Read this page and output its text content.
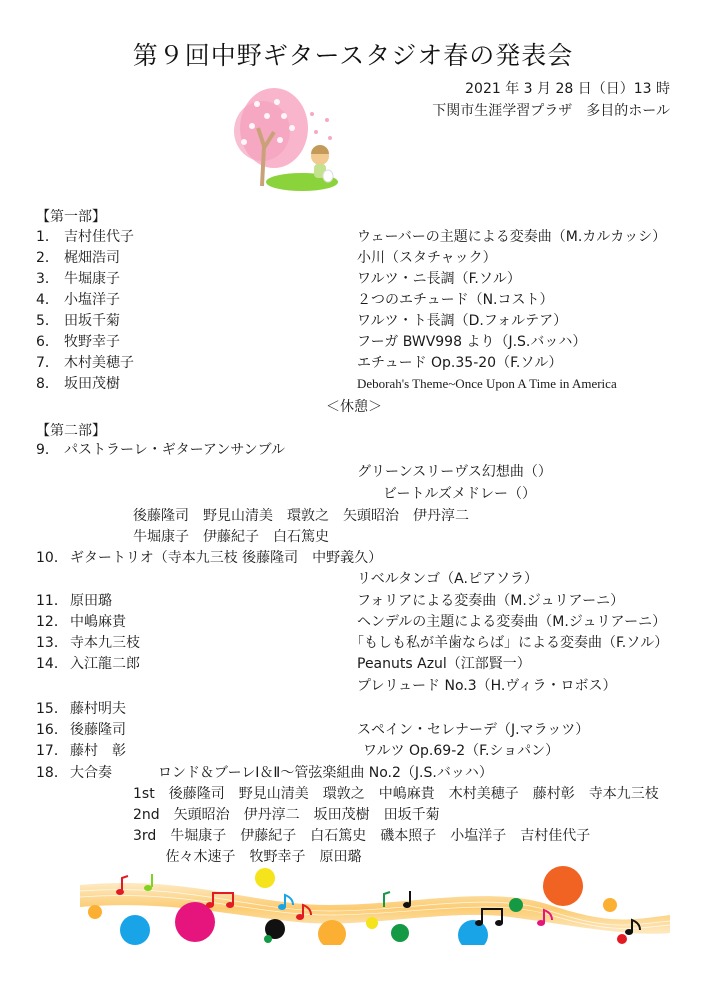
第９回中野ギタースタジオ春の発表会
2021 年 3 月 28 日（日）13 時
下関市生涯学習プラザ　多目的ホール
【第一部】
1． 吉村佳代子	ウェーバーの主題による変奏曲（M.カルカッシ）
2． 梶畑浩司	小川（スタチャック）
3． 牛堀康子	ワルツ・ニ長調（F.ソル）
4． 小塩洋子	２つのエチュード（N.コスト）
5． 田坂千菊	ワルツ・ト長調（D.フォルテア）
6． 牧野幸子	フーガ BWV998 より（J.S.バッハ）
7． 木村美穂子	エチュード Op.35-20（F.ソル）
8． 坂田茂樹	Deborah's Theme~Once Upon A Time in America
＜休憩＞
【第二部】
9． パストラーレ・ギターアンサンブル
グリーンスリーヴス幻想曲（）
ビートルズメドレー（）
後藤隆司　野見山清美　環敦之　矢頭昭治　伊丹淳二
牛堀康子　伊藤紀子　白石篤史
10． ギタートリオ（寺本九三枝 後藤隆司　中野義久）
リベルタンゴ（A.ピアソラ）
11． 原田璐	フォリアによる変奏曲（M.ジュリアーニ）
12． 中嶋麻貴	ヘンデルの主題による変奏曲（M.ジュリアーニ）
13． 寺本九三枝	「もしも私が羊歯ならば」による変奏曲（F.ソル）
14． 入江龍二郎	Peanuts Azul（江部賢一）
プレリュード No.3（H.ヴィラ・ロボス）
15． 藤村明夫
16． 後藤隆司	スペイン・セレナーデ（J.マラッツ）
17． 藤村　彰	ワルツ Op.69-2（F.ショパン）
18． 大合奏	ロンド＆ブーレⅠ＆Ⅱ～管弦楽組曲 No.2（J.S.バッハ）
1st　後藤隆司　野見山清美　環敦之　中嶋麻貴　木村美穂子　藤村彰　寺本九三枝
2nd　矢頭昭治　伊丹淳二　坂田茂樹　田坂千菊
3rd　牛堀康子　伊藤紀子　白石篤史　磯本照子　小塩洋子　吉村佳代子
　　 佐々木速子　牧野幸子　原田璐
